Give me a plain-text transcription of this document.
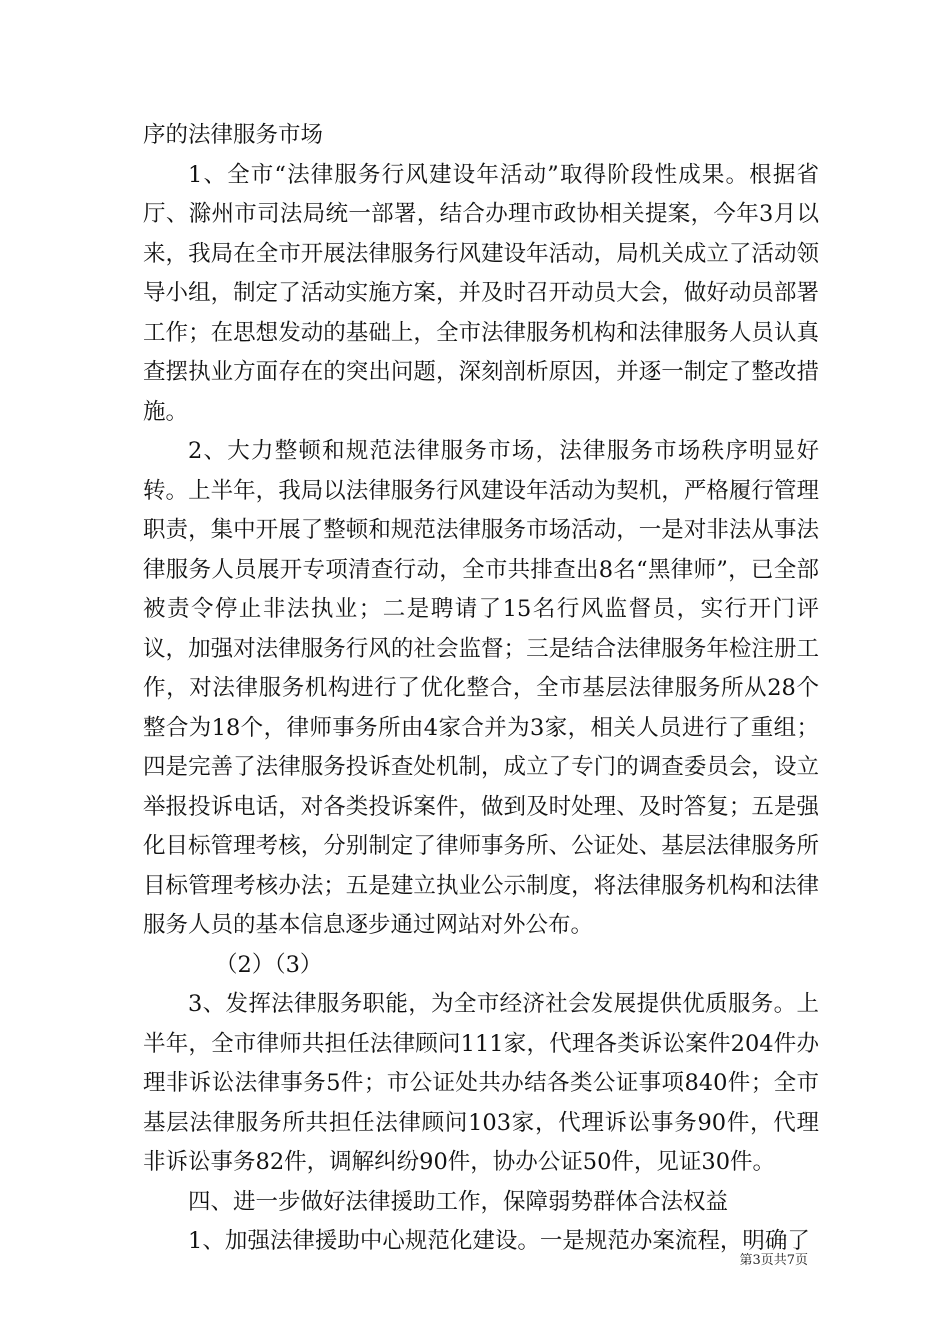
序的法律服务市场

1、全市“法律服务行风建设年活动”取得阶段性成果。根据省厅、滁州市司法局统一部署，结合办理市政协相关提案，今年3月以来，我局在全市开展法律服务行风建设年活动，局机关成立了活动领导小组，制定了活动实施方案，并及时召开动员大会，做好动员部署工作；在思想发动的基础上，全市法律服务机构和法律服务人员认真查摆执业方面存在的突出问题，深刻剖析原因，并逐一制定了整改措施。

2、大力整顿和规范法律服务市场，法律服务市场秩序明显好转。上半年，我局以法律服务行风建设年活动为契机，严格履行管理职责，集中开展了整顿和规范法律服务市场活动，一是对非法从事法律服务人员展开专项清查行动，全市共排查出8名“黑律师”，已全部被责令停止非法执业；二是聘请了15名行风监督员，实行开门评议，加强对法律服务行风的社会监督；三是结合法律服务年检注册工作，对法律服务机构进行了优化整合，全市基层法律服务所从28个整合为18个，律师事务所由4家合并为3家，相关人员进行了重组；四是完善了法律服务投诉查处机制，成立了专门的调查委员会，设立举报投诉电话，对各类投诉案件，做到及时处理、及时答复；五是强化目标管理考核，分别制定了律师事务所、公证处、基层法律服务所目标管理考核办法；五是建立执业公示制度，将法律服务机构和法律服务人员的基本信息逐步通过网站对外公布。

（2）（3）

3、发挥法律服务职能，为全市经济社会发展提供优质服务。上半年，全市律师共担任法律顾问111家，代理各类诉讼案件204件办理非诉讼法律事务5件；市公证处共办结各类公证事项840件；全市基层法律服务所共担任法律顾问103家，代理诉讼事务90件，代理非诉讼事务82件，调解纠纷90件，协办公证50件，见证30件。

四、进一步做好法律援助工作，保障弱势群体合法权益

1、加强法律援助中心规范化建设。一是规范办案流程，明确了

第3页共7页
